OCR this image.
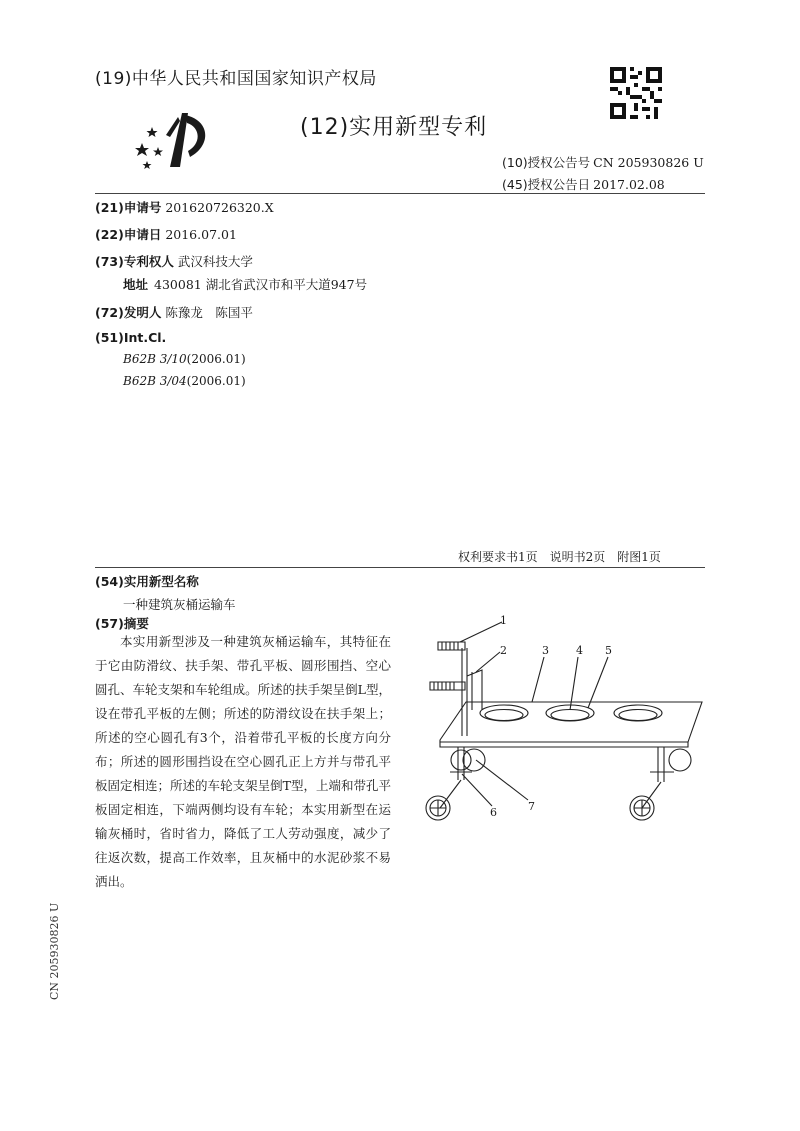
(19)中华人民共和国国家知识产权局
(12)实用新型专利
(10)授权公告号 CN 205930826 U
(45)授权公告日 2017.02.08
(21)申请号 201620726320.X
(22)申请日 2016.07.01
(73)专利权人 武汉科技大学
地址 430081 湖北省武汉市和平大道947号
(72)发明人 陈豫龙　陈国平
(51)Int.Cl.
B62B 3/10(2006.01)
B62B 3/04(2006.01)
权利要求书1页　说明书2页　附图1页
(54)实用新型名称
一种建筑灰桶运输车
(57)摘要

本实用新型涉及一种建筑灰桶运输车，其特征在于它由防滑纹、扶手架、带孔平板、圆形围挡、空心圆孔、车轮支架和车轮组成。所述的扶手架呈倒L型，设在带孔平板的左侧；所述的防滑纹设在扶手架上；所述的空心圆孔有3个，沿着带孔平板的长度方向分布；所述的圆形围挡设在空心圆孔正上方并与带孔平板固定相连；所述的车轮支架呈倒T型，上端和带孔平板固定相连，下端两侧均设有车轮；本实用新型在运输灰桶时，省时省力，降低了工人劳动强度，减少了往返次数，提高工作效率，且灰桶中的水泥砂浆不易洒出。

1
2	3 4 5
6	7
CN 205930826 U
